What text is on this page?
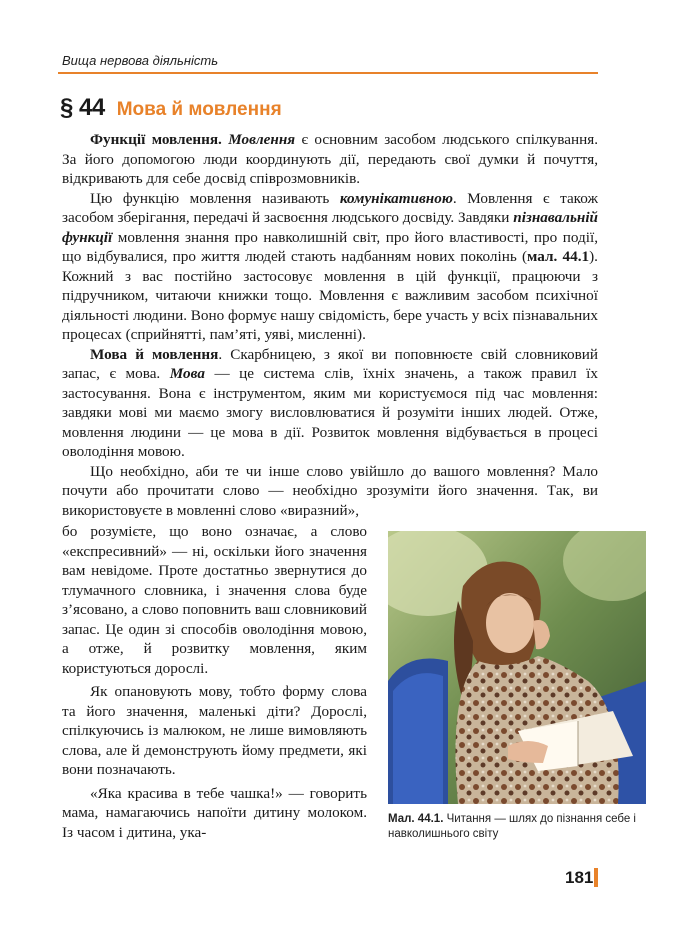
Вища нервова діяльність
§ 44 Мова й мовлення

Функції мовлення. Мовлення є основним засобом людського спілкування. За його допомогою люди координують дії, передають свої думки й почуття, відкривають для себе досвід співрозмовників.

Цю функцію мовлення називають комунікативною. Мовлення є також засобом зберігання, передачі й засвоєння людського досвіду. Завдяки пізнавальній функції мовлення знання про навколишній світ, про його властивості, про події, що відбувалися, про життя людей стають надбанням нових поколінь (мал. 44.1). Кожний з вас постійно застосовує мовлення в цій функції, працюючи з підручником, читаючи книжки тощо. Мовлення є важливим засобом психічної діяльності людини. Воно формує нашу свідомість, бере участь у всіх пізнавальних процесах (сприйнятті, пам’яті, уяві, мисленні).

Мова й мовлення. Скарбницею, з якої ви поповнюєте свій словниковий запас, є мова. Мова — це система слів, їхніх значень, а також правил їх застосування. Вона є інструментом, яким ми користуємося під час мовлення: завдяки мові ми маємо змогу висловлюватися й розуміти інших людей. Отже, мовлення людини — це мова в дії. Розвиток мовлення відбувається в процесі оволодіння мовою.

Що необхідно, аби те чи інше слово увійшло до вашого мовлення? Мало почути або прочитати слово — необхідно зрозуміти його значення. Так, ви використовуєте в мовленні слово «виразний»,

бо розумієте, що воно означає, а слово «експресивний» — ні, оскільки його значення вам невідоме. Проте достатньо звернутися до тлумачного словника, і значення слова буде з’ясовано, а слово поповнить ваш словниковий запас. Це один зі способів оволодіння мовою, а отже, й розвитку мовлення, яким користуються дорослі.

Як опановують мову, тобто форму слова та його значення, маленькі діти? Дорослі, спілкуючись із малюком, не лише вимовляють слова, але й демонструють йому предмети, які вони позначають.

«Яка красива в тебе чашка!» — говорить мама, намагаючись напоїти дитину молоком. Із часом і дитина, ука-

Мал. 44.1. Читання — шлях до пізнання себе і навколишнього світу
181
